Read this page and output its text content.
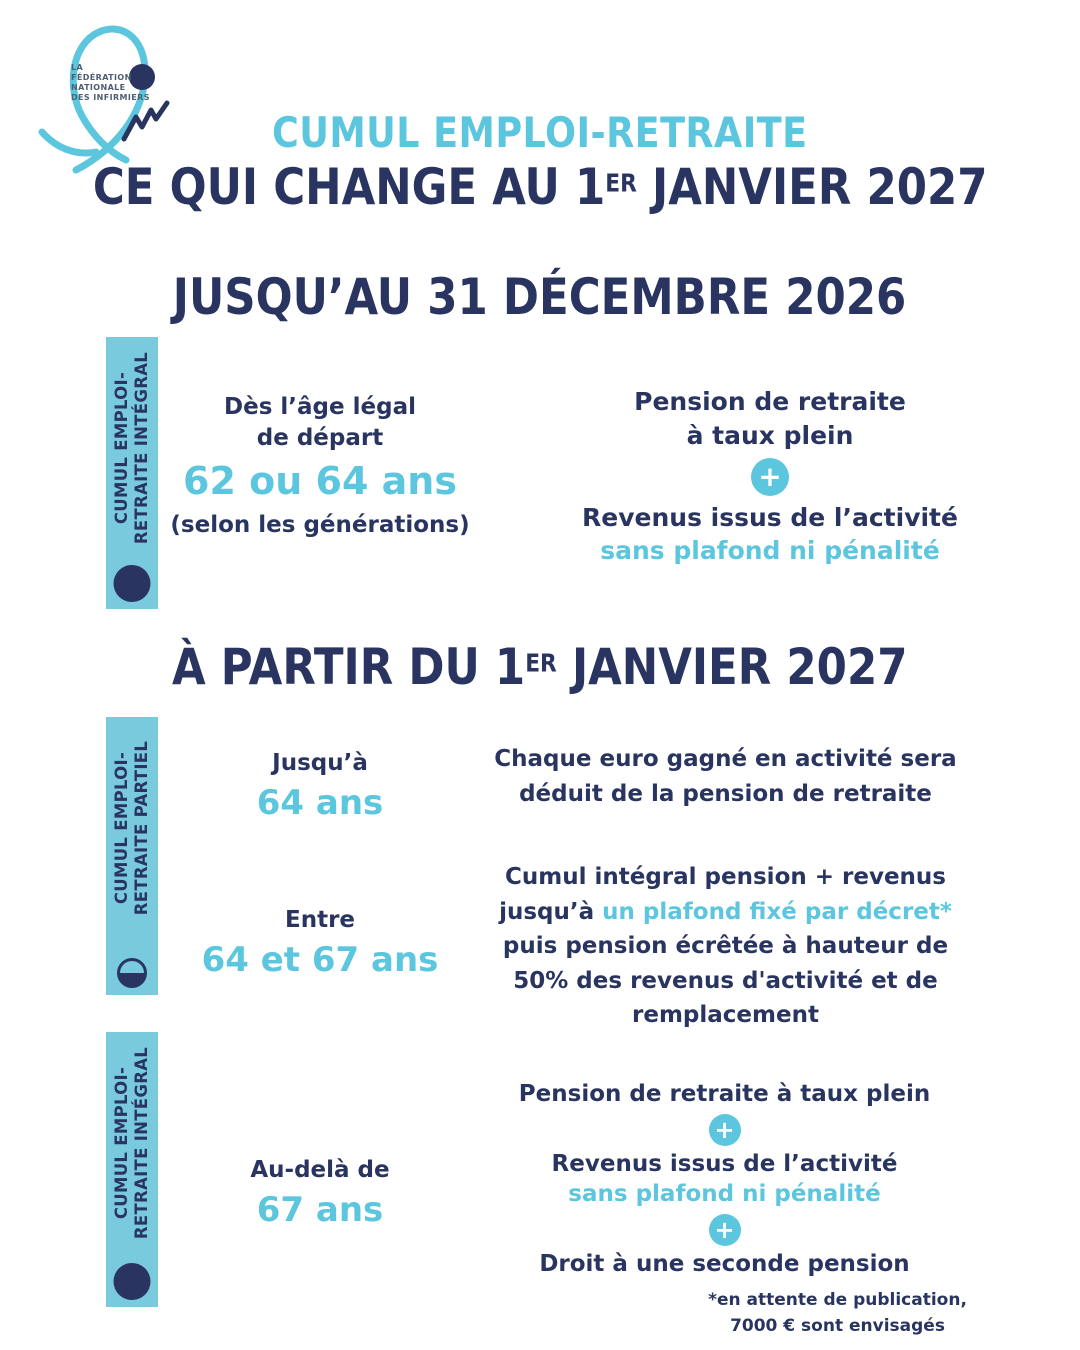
LA
FÉDÉRATION
NATIONALE
DES INFIRMIERS
CUMUL EMPLOI-RETRAITE
CE QUI CHANGE AU 1ER JANVIER 2027
JUSQU’AU 31 DÉCEMBRE 2026
CUMUL EMPLOI- RETRAITE INTÉGRAL	Dès l’âge légal
de départ
62 ou 64 ans
(selon les générations)
Pension de retraite
à taux plein
+
Revenus issus de l’activité
sans plafond ni pénalité
À PARTIR DU 1ER JANVIER 2027
CUMUL EMPLOI- RETRAITE PARTIEL	Jusqu’à
64 ans
Chaque euro gagné en activité sera
déduit de la pension de retraite
Entre
64 et 67 ans
Cumul intégral pension + revenus
jusqu’à un plafond fixé par décret*
puis pension écrêtée à hauteur de
50% des revenus d'activité et de
remplacement
CUMUL EMPLOI- RETRAITE INTÉGRAL	Au-delà de
67 ans
Pension de retraite à taux plein
+
Revenus issus de l’activité
sans plafond ni pénalité
+
Droit à une seconde pension
*en attente de publication,
7000 € sont envisagés
